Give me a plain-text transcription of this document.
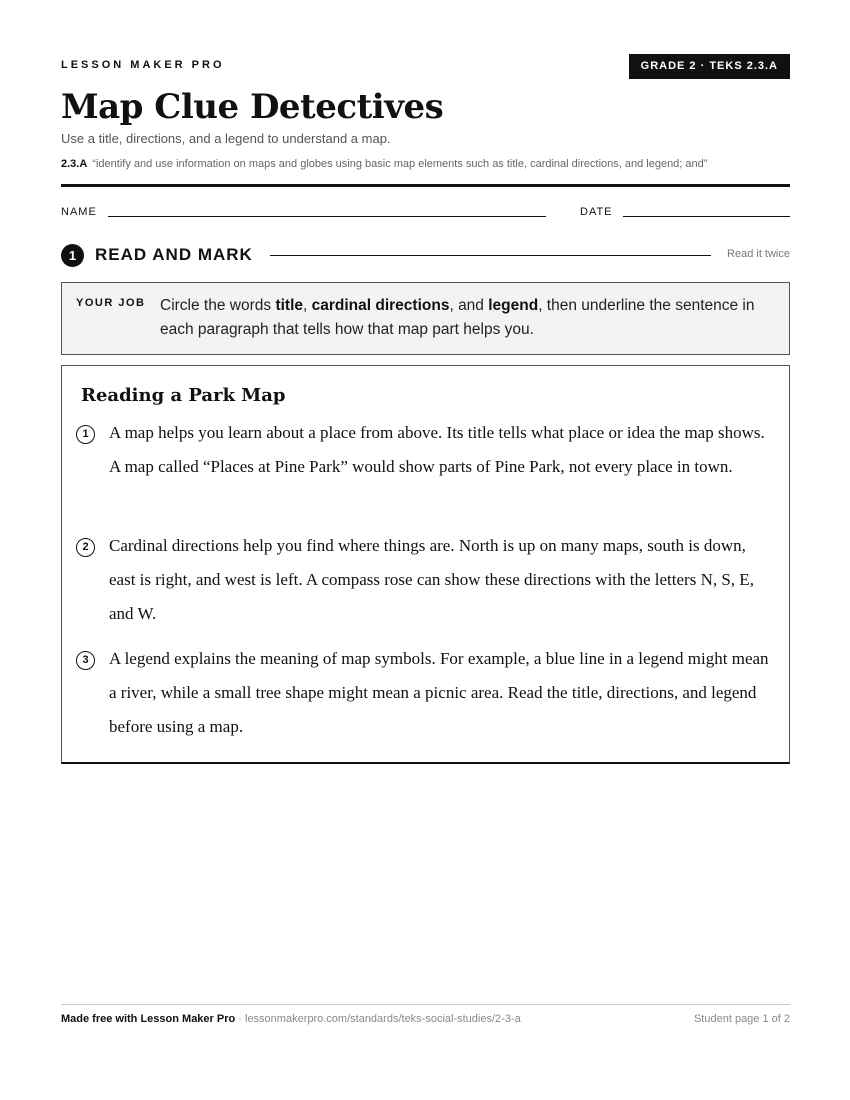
LESSON MAKER PRO	GRADE 2 · TEKS 2.3.A
Map Clue Detectives
Use a title, directions, and a legend to understand a map.
2.3.A “identify and use information on maps and globes using basic map elements such as title, cardinal directions, and legend; and”
NAME	DATE
1	READ AND MARK	Read it twice
YOUR JOB Circle the words title, cardinal directions, and legend, then underline the sentence in each paragraph that tells how that map part helps you.
Reading a Park Map
1	A map helps you learn about a place from above. Its title tells what place or idea the map shows. A map called “Places at Pine Park” would show parts of Pine Park, not every place in town.
2	Cardinal directions help you find where things are. North is up on many maps, south is down, east is right, and west is left. A compass rose can show these directions with the letters N, S, E, and W.
3	A legend explains the meaning of map symbols. For example, a blue line in a legend might mean a river, while a small tree shape might mean a picnic area. Read the title, directions, and legend before using a map.
Made free with Lesson Maker Pro · lessonmakerpro.com/standards/teks-social-studies/2-3-a	Student page 1 of 2
